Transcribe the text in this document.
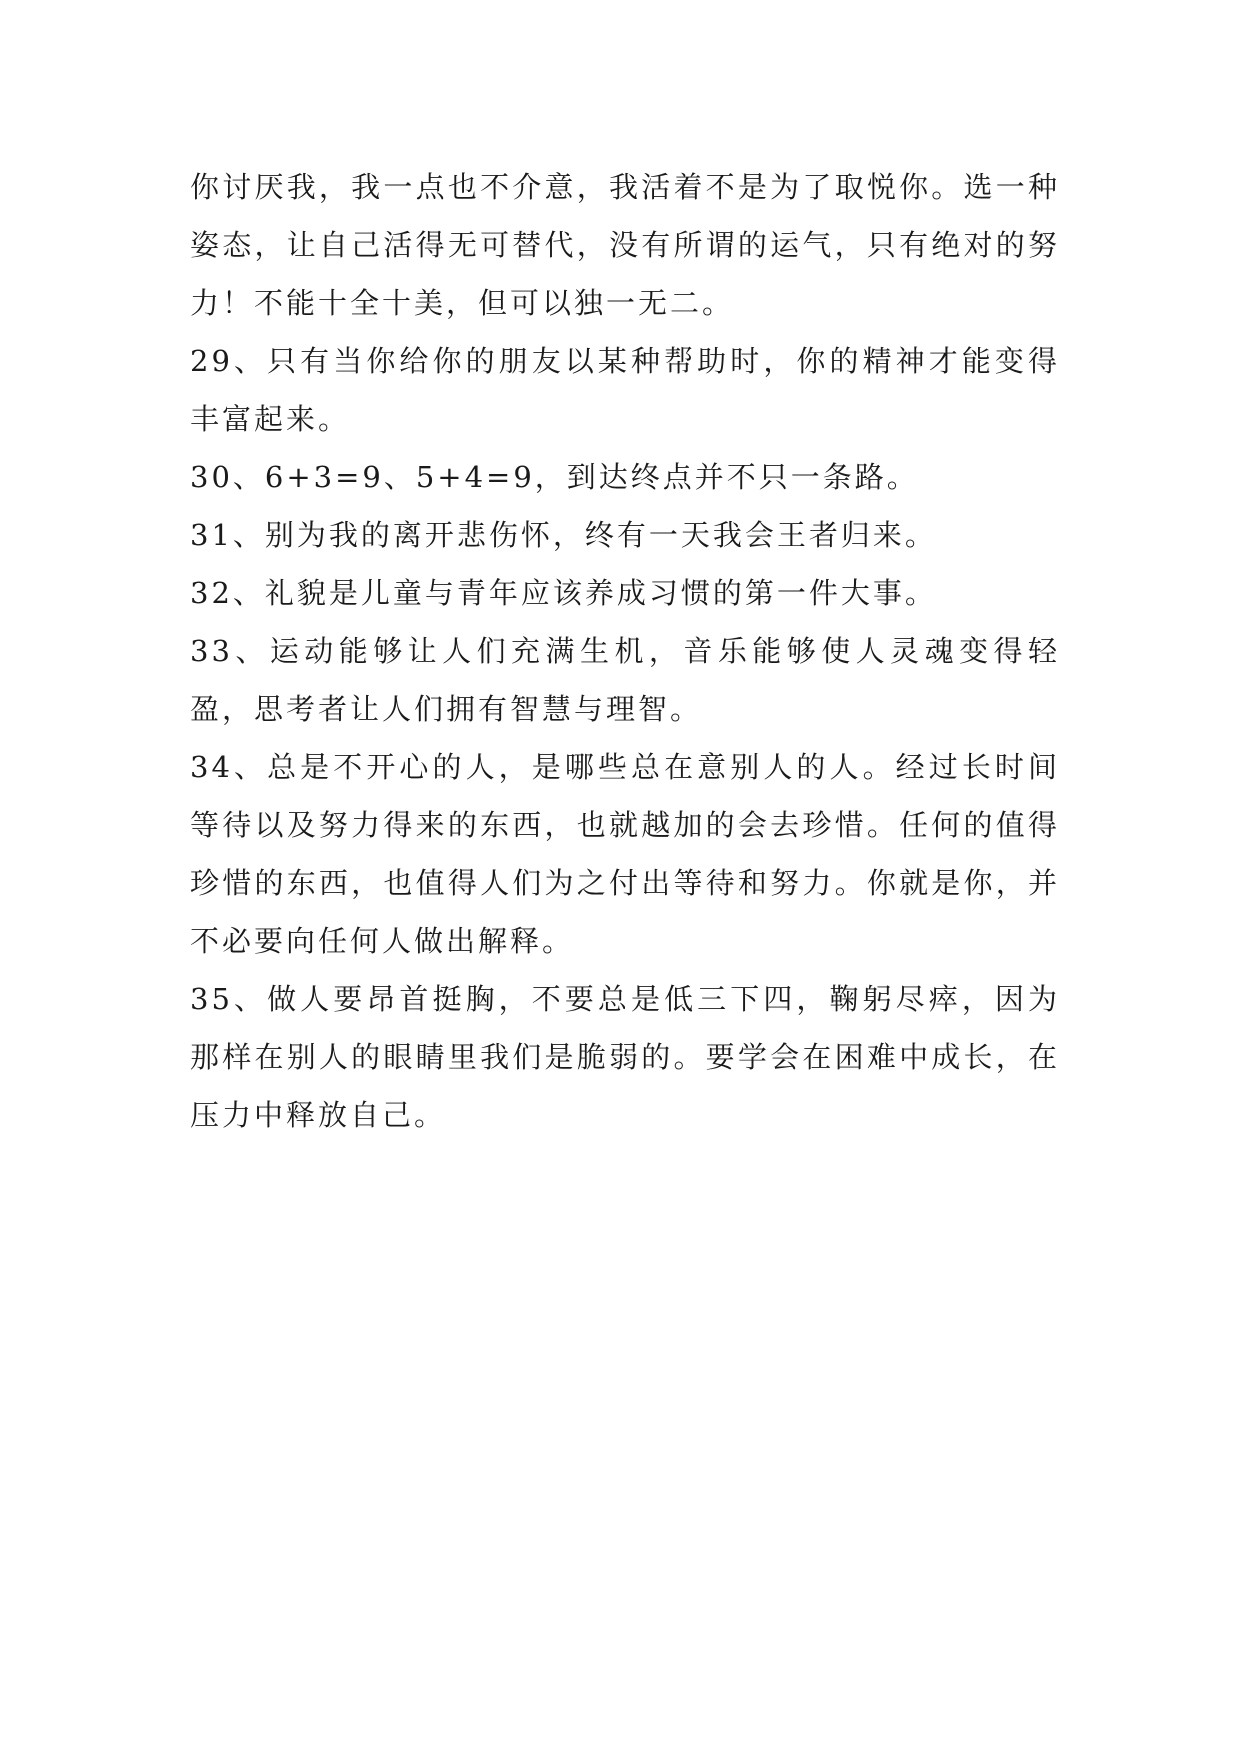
你讨厌我，我一点也不介意，我活着不是为了取悦你。选一种姿态，让自己活得无可替代，没有所谓的运气，只有绝对的努力！不能十全十美，但可以独一无二。

29、只有当你给你的朋友以某种帮助时，你的精神才能变得丰富起来。

30、6+3=9、5+4=9，到达终点并不只一条路。

31、别为我的离开悲伤怀，终有一天我会王者归来。

32、礼貌是儿童与青年应该养成习惯的第一件大事。

33、运动能够让人们充满生机，音乐能够使人灵魂变得轻盈，思考者让人们拥有智慧与理智。

34、总是不开心的人，是哪些总在意别人的人。经过长时间等待以及努力得来的东西，也就越加的会去珍惜。任何的值得珍惜的东西，也值得人们为之付出等待和努力。你就是你，并不必要向任何人做出解释。

35、做人要昂首挺胸，不要总是低三下四，鞠躬尽瘁，因为那样在别人的眼睛里我们是脆弱的。要学会在困难中成长，在压力中释放自己。
